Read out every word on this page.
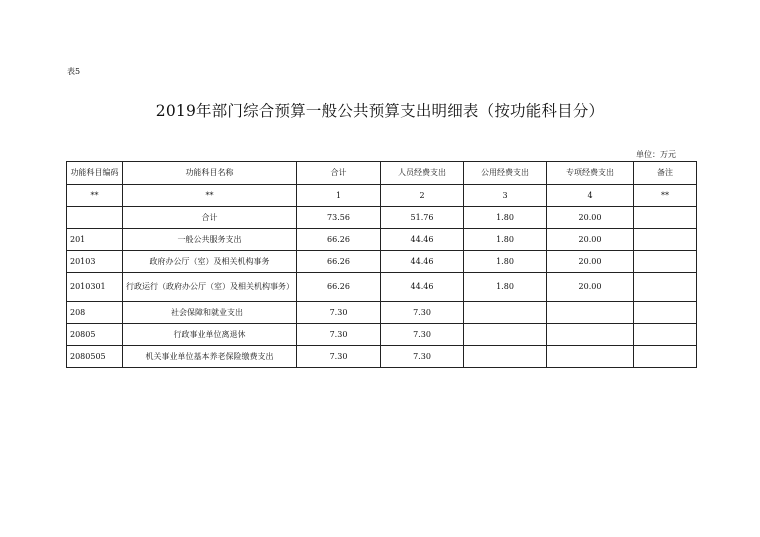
表5
2019年部门综合预算一般公共预算支出明细表（按功能科目分）
单位：万元
功能科目编码	功能科目名称	合计	人员经费支出	公用经费支出	专项经费支出	备注
**	**	1	2	3	4	**
	合计	73.56	51.76	1.80	20.00	
201	一般公共服务支出	66.26	44.46	1.80	20.00	
20103	政府办公厅（室）及相关机构事务	66.26	44.46	1.80	20.00	
2010301	行政运行（政府办公厅（室）及相关机构事务）	66.26	44.46	1.80	20.00	
208	社会保障和就业支出	7.30	7.30			
20805	行政事业单位离退休	7.30	7.30			
2080505	机关事业单位基本养老保险缴费支出	7.30	7.30			
